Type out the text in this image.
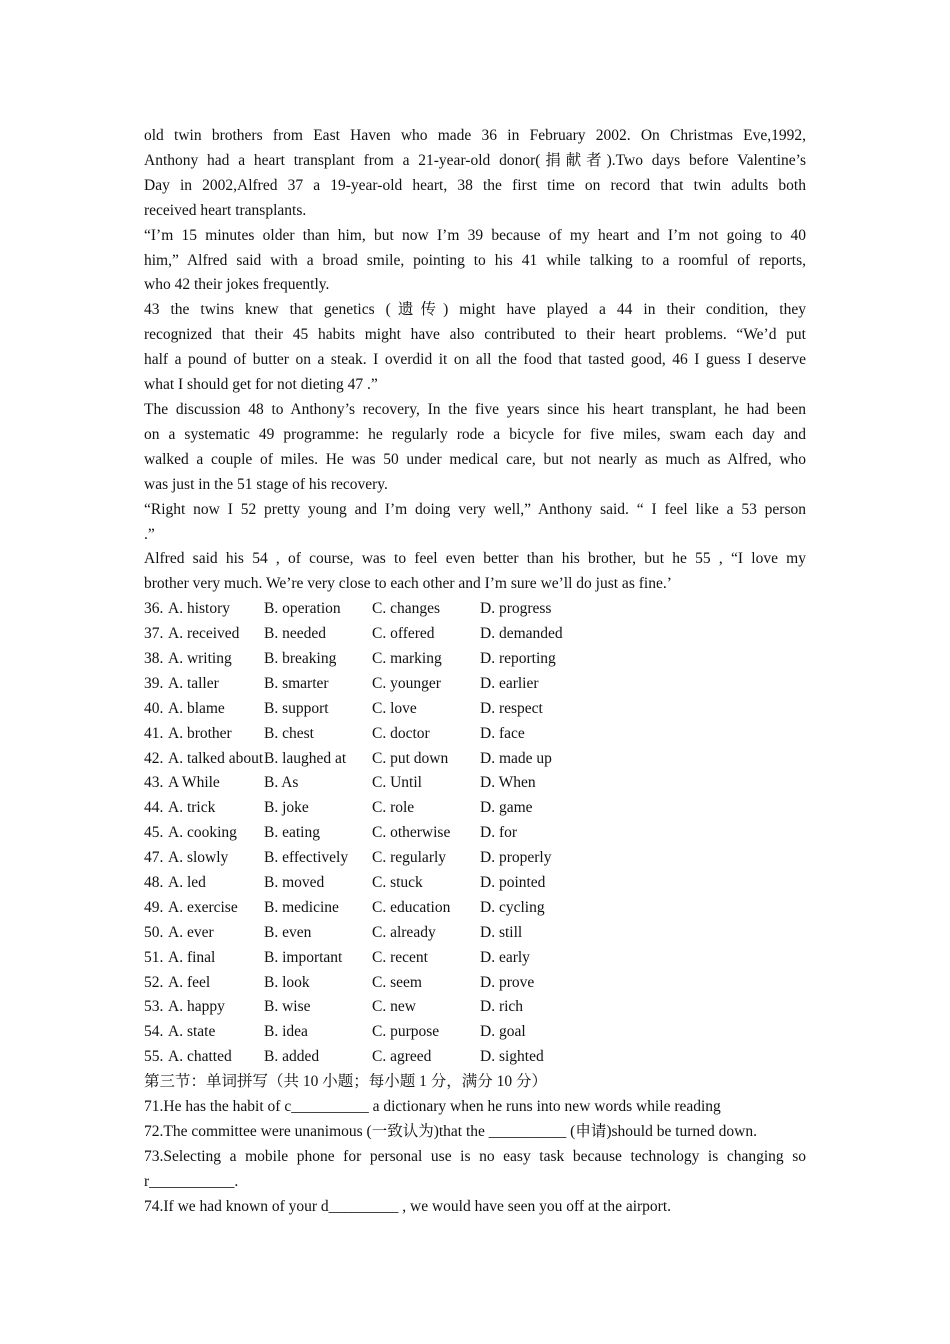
old twin brothers from East Haven who made 36 in February 2002. On Christmas Eve,1992,
Anthony had a heart transplant from a 21-year-old donor(捐献者).Two days before Valentine’s
Day in 2002,Alfred 37 a 19-year-old heart, 38 the first time on record that twin adults both
received heart transplants.

“I’m 15 minutes older than him, but now I’m 39 because of my heart and I’m not going to 40
him,” Alfred said with a broad smile, pointing to his 41 while talking to a roomful of reports,
who 42 their jokes frequently.

43 the twins knew that genetics (遗传) might have played a 44 in their condition, they
recognized that their 45 habits might have also contributed to their heart problems. “We’d put
half a pound of butter on a steak. I overdid it on all the food that tasted good, 46 I guess I deserve
what I should get for not dieting 47 .”

The discussion 48 to Anthony’s recovery, In the five years since his heart transplant, he had been
on a systematic 49 programme: he regularly rode a bicycle for five miles, swam each day and
walked a couple of miles. He was 50 under medical care, but not nearly as much as Alfred, who
was just in the 51 stage of his recovery.

“Right now I 52 pretty young and I’m doing very well,” Anthony said. “ I feel like a 53 person
.”

Alfred said his 54 , of course, was to feel even better than his brother, but he 55 , “I love my
brother very much. We’re very close to each other and I’m sure we’ll do just as fine.’

36. A. history	B. operation	C. changes	D. progress
37. A. received	B. needed	C. offered	D. demanded
38. A. writing	B. breaking	C. marking	D. reporting
39. A. taller	B. smarter	C. younger	D. earlier
40. A. blame	B. support	C. love	D. respect
41. A. brother	B. chest	C. doctor	D. face
42. A. talked about B. laughed at	C. put down	D. made up
43. A While	B. As	C. Until	D. When
44. A. trick	B. joke	C. role	D. game
45. A. cooking	B. eating	C. otherwise	D. for
47. A. slowly	B. effectively	C. regularly	D. properly
48. A. led	B. moved	C. stuck	D. pointed
49. A. exercise	B. medicine	C. education	D. cycling
50. A. ever	B. even	C. already	D. still
51. A. final	B. important	C. recent	D. early
52. A. feel	B. look	C. seem	D. prove
53. A. happy	B. wise	C. new	D. rich
54. A. state	B. idea	C. purpose	D. goal
55. A. chatted	B. added	C. agreed	D. sighted
第三节：单词拼写（共 10 小题；每小题 1 分，满分 10 分）
71.He has the habit of c__________ a dictionary when he runs into new words while reading
72.The committee were unanimous (一致认为)that the __________ (申请)should be turned down.
73.Selecting a mobile phone for personal use is no easy task because technology is changing so
r___________.
74.If we had known of your d_________ , we would have seen you off at the airport.
